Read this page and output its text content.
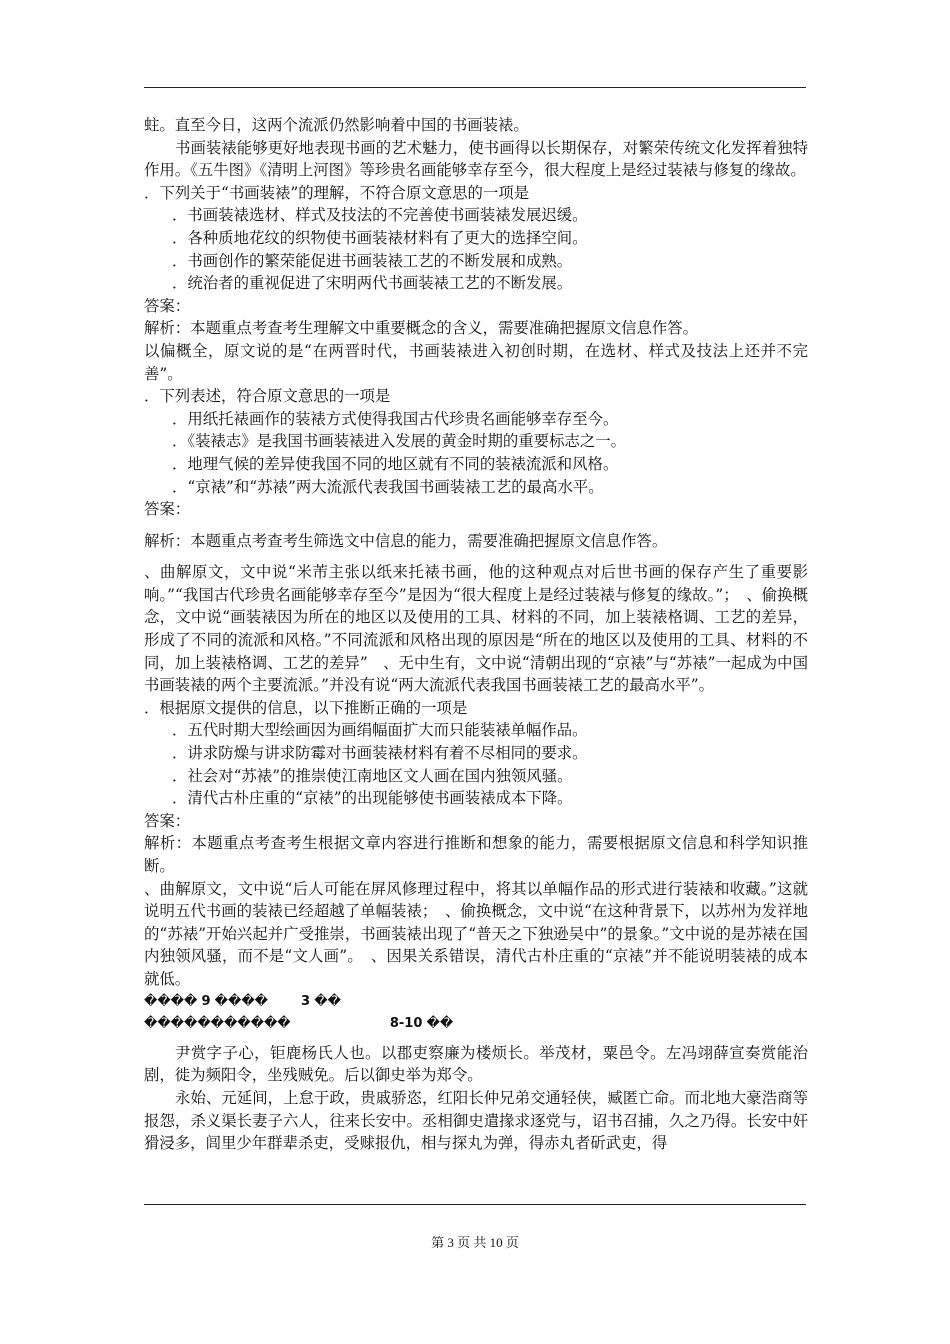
蛀。直至今日，这两个流派仍然影响着中国的书画装裱。

书画装裱能够更好地表现书画的艺术魅力，使书画得以长期保存，对繁荣传统文化发挥着独特作用。《五牛图》《清明上河图》等珍贵名画能够幸存至今，很大程度上是经过装裱与修复的缘故。

．下列关于“书画装裱”的理解，不符合原文意思的一项是

．书画装裱选材、样式及技法的不完善使书画装裱发展迟缓。

．各种质地花纹的织物使书画装裱材料有了更大的选择空间。

．书画创作的繁荣能促进书画装裱工艺的不断发展和成熟。

．统治者的重视促进了宋明两代书画装裱工艺的不断发展。

答案：

解析：本题重点考查考生理解文中重要概念的含义，需要准确把握原文信息作答。

以偏概全，原文说的是“在两晋时代，书画装裱进入初创时期，在选材、样式及技法上还并不完善”。

．下列表述，符合原文意思的一项是

．用纸托裱画作的装裱方式使得我国古代珍贵名画能够幸存至今。

．《装裱志》是我国书画装裱进入发展的黄金时期的重要标志之一。

．地理气候的差异使我国不同的地区就有不同的装裱流派和风格。

．“京裱”和“苏裱”两大流派代表我国书画装裱工艺的最高水平。

答案：

解析：本题重点考查考生筛选文中信息的能力，需要准确把握原文信息作答。

、曲解原文，文中说“米芾主张以纸来托裱书画，他的这种观点对后世书画的保存产生了重要影响。”“我国古代珍贵名画能够幸存至今”是因为“很大程度上是经过装裱与修复的缘故。”；　、偷换概念，文中说“画装裱因为所在的地区以及使用的工具、材料的不同，加上装裱格调、工艺的差异，形成了不同的流派和风格。”不同流派和风格出现的原因是“所在的地区以及使用的工具、材料的不同，加上装裱格调、工艺的差异”　、无中生有，文中说“清朝出现的“京裱”与“苏裱”一起成为中国书画装裱的两个主要流派。”并没有说“两大流派代表我国书画装裱工艺的最高水平”。

．根据原文提供的信息，以下推断正确的一项是

．五代时期大型绘画因为画绢幅面扩大而只能装裱单幅作品。

．讲求防燥与讲求防霉对书画装裱材料有着不尽相同的要求。

．社会对“苏裱”的推崇使江南地区文人画在国内独领风骚。

．清代古朴庄重的“京裱”的出现能够使书画装裱成本下降。

答案：

解析：本题重点考查考生根据文章内容进行推断和想象的能力，需要根据原文信息和科学知识推断。

、曲解原文，文中说“后人可能在屏风修理过程中，将其以单幅作品的形式进行装裱和收藏。”这就说明五代书画的装裱已经超越了单幅装裱；　、偷换概念，文中说“在这种背景下，以苏州为发祥地的“苏裱”开始兴起并广受推崇，书画装裱出现了“普天之下独逊吴中”的景象。”文中说的是苏裱在国内独领风骚，而不是“文人画”。　、因果关系错误，清代古朴庄重的“京裱”并不能说明装裱的成本就低。

���� 9 ����	3 ��

�����������	8-10 ��

尹赏字子心，钜鹿杨氏人也。以郡吏察廉为楼烦长。举茂材，粟邑令。左冯翊薛宣奏赏能治剧，徙为频阳令，坐残贼免。后以御史举为郑令。

永始、元延间，上怠于政，贵戚骄恣，红阳长仲兄弟交通轻侠，臧匿亡命。而北地大豪浩商等报怨，杀义渠长妻子六人，往来长安中。丞相御史遣掾求逐党与，诏书召捕，久之乃得。长安中奸猾浸多，闾里少年群辈杀吏，受赇报仇，相与探丸为弹，得赤丸者斫武吏，得

第 3 页 共 10 页
